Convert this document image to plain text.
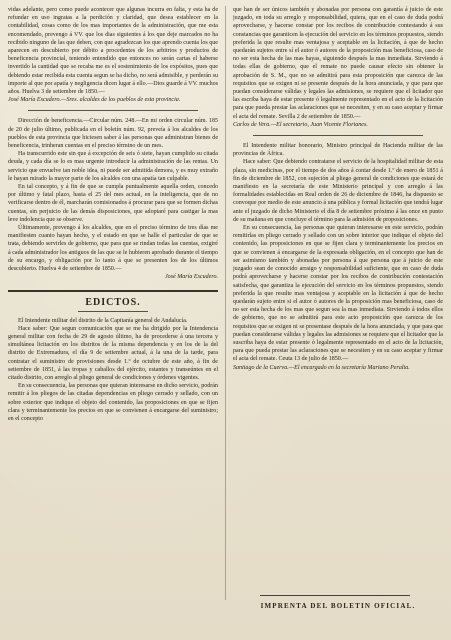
vidas adelante, pero como puede acontecer que algunas incurra en falta, y esta ha de refundar en uso ingratas a la perdición y claridad, que desea establecer en la contabilidad, cosas como de los mas importantes de la administración, que me esta encomendado, prevengo á VV. que los dias siguientes á los que deje marcados no ha recibido ninguno de las que deben, con que agradezcan los que aprendo cuenta los que aparecen en descubierto por débito a procedentes de los arbitrios y productos de beneficencia provincial, teniendo entendido que entonces no serán cartas el haberse invertido la cantidad que se recaba me es el sostenimiento de los expósitos, pues que debiendo estar recibida esta cuenta segun se ha dicho, no será admisible, y perderán su importe al que por apatía y negligencia dicen lugar á ello.—Dios guarde á VV. muchos años. Huelva 3 de setiembre de 1850.—

José María Escudero.—Sres. alcaldes de los pueblos de esta provincia.

Dirección de beneficencia.—Circular núm. 248.—En mi orden circular núm. 185 de 20 de julio último, publicada en el boletín núm. 92, preveía á los alcaldes de los pueblos de esta provincia que hiciesen saber á las personas que administran bienes de beneficencia, trinheran cuentas en el preciso término de un mes.

Ha transcurrido este sin que á excepción de seis ó siete, hayan cumplido su citada deuda, y cada día se lo es mas urgente introducir la administración de las rentas. Un servicio que envuelve tan noble idea, ni puede ser admitida demora, y es muy extraño le hayan mirado la mayor parte de los alcaldes con una apatía tan culpable.

En tal concepto, y á fin de que se cumpla puntualmente aquella orden, concedo por último y fatal plazo, hasta el 25 del mes actual, en la inteligencia, que de no verificarse dentro de él, marcharán comisionados á procurar para que se formen dichas cuentas, sin perjuicio de las demás disposiciones, que adoptaré para castigar la mas leve indolencia que se observe.

Últimamente, prevengo á los alcaldes, que en el preciso término de tres días me manifiesten cuanto hayan hecho, y el estado en que se halle el particular de que se trata, debiendo servirles de gobierno, que para que se rindan todas las cuentas, exigiré á cada administrador los antiguos de las que se le hubieren aprobado durante el tiempo de su encargo, y obligación por lo tanto á que se presenten los de los últimos descubierto. Huelva 4 de setiembre de 1850.—

José María Escudero.

EDICTOS.

El Intendente militar del distrito de la Capitanía general de Andalucía.

Hace saber: Que segun comunicación que se me ha dirigido por la Intendencia general militar con fecha de 29 de agosto último, ha de procederse á una tercera y simultánea licitación en los distritos de la misma dependencia y en los de la del distrito de Extremadura, el día 9 de setiembre actual, á la una de la tarde, para contratar el suministro de provisiones desde 1.º de octubre de este año, á fin de setiembre de 1851, á las tropas y caballos del ejército, estantes y transeúntes en el citado distrito, con arreglo al pliego general de condiciones y órdenes vigentes.

En su consecuencia, las personas que quieran interesarse en dicho servicio, podrán remitir á los pliegos de las citadas dependencias en pliego cerrado y sellado, con un sobre exterior que indique el objeto del contenido, las proposiciones en que se fijen clara y terminantemente los precios en que se convienen á encargarse del suministro; en el concepto

que han de ser únicos también y abonadas por persona con garantía á juicio de este juzgado, en toda su arreglo y responsabilidad, quiera, que en el caso de duda podrá aprovecharse, y hacerse constar por los recibos de contribución contestando á sus constancias que garanticen la ejecución del servicio en los términos propuestos, siendo preferida la que resulte mas ventajosa y aceptable en la licitación, á que de hecho quedarán sujetos entre sí el autor ó autores de la proposición mas beneficiosa, caso de no ser esta hecha de las mas hayas, siguiendo después la mas inmediata. Sirviendo á todas ellas de gobierno, que el remate no puede causar efecto sin obtener la aprobación de S. M., que no se admitirá para esta proposición que carezca de las requisitos que se exigen ni se presente después de la hora anunciada, y que para que puedan considerarse válidas y legales las admisiones, se requiere que el licitador que las escriba haya de estar presente ó legalmente representado en el acto de la licitación para que pueda prestar las aclaraciones que se necesiten, y en su caso aceptar y firmar el acta del remate. Sevilla 2 de setiembre de 1850.—

Carlos de Vera.—El secretario, Juan Vicente Florianes.

El Intendente militar honorario, Ministro principal de Hacienda militar de las provincias de África.

Hace saber: Que debiendo contratarse el servicio de la hospitalidad militar de esta plaza, sin medicinas, por el tiempo de dos años á contar desde 1.º de enero de 1851 á fin de diciembre de 1852, con sujeción al pliego general de condiciones que estará de manifiesto en la secretaría de este Ministerio principal y con arreglo á las formalidades establecidas en Real orden de 26 de diciembre de 1846, ha dispuesto se convoque por medio de este anuncio á una pública y formal licitación que tendrá lugar ante el juzgado de dicho Ministerio el día 8 de setiembre próximo á las once en punto de su mañana en que concluye el término para la admisión de proposiciones.

En su consecuencia, las personas que quieran interesarse en este servicio, podrán remitirlas en pliego cerrado y sellado con un sobre interior que indique el objeto del contenido, las proposiciones en que se fijen clara y terminantemente los precios en que se convienen á encargarse de la expresada obligación, en el concepto que han de ser asimismo también y abonadas por persona á que persona que á juicio de este juzgado sean de conocido arraigo y responsabilidad suficiente, que en caso de duda podrá aprovecharse y hacerse constar por los recibos de contribución contestación satisfecha, que garantiza la ejecución del servicio en los términos propuestos, siendo preferida la que resulte mas ventajosa y aceptable en la licitación á que de hecho quedarán sujeto entre si el autor ó autores de la proposición mas beneficiosa, caso de no ser esta hecha de los mas que segun sea la mas inmediata. Sirviendo á todos ellos de gobierno, que no se admitirá para este acto proposición que carezca de los requisitos que se exigen ni se presentase después de la hora anunciada, y que para que puedan considerarse válidas y legales las admisiones se requiere que el licitador que la suscriba haya de estar presente ó legalmente representado en el acto de la licitación, para que pueda prestar las aclaraciones que se necesiten y en su caso aceptar y firmar el acta del remate. Ceuta 13 de julio de 1850.—

Santiago de la Cuerva.—El encargado en la secretaría Mariano Peralta.

IMPRENTA DEL BOLETIN OFICIAL.
